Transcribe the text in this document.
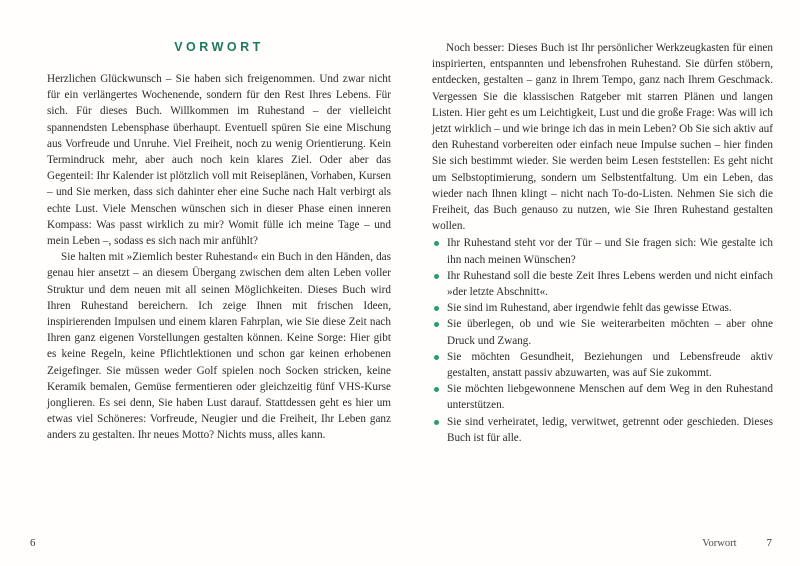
VORWORT

Herzlichen Glückwunsch – Sie haben sich freigenommen. Und zwar nicht für ein verlängertes Wochenende, sondern für den Rest Ihres Lebens. Für sich. Für dieses Buch. Willkommen im Ruhestand – der vielleicht spannendsten Lebensphase überhaupt. Eventuell spüren Sie eine Mischung aus Vorfreude und Unruhe. Viel Freiheit, noch zu wenig Orientierung. Kein Termindruck mehr, aber auch noch kein klares Ziel. Oder aber das Gegenteil: Ihr Kalender ist plötzlich voll mit Reiseplänen, Vorhaben, Kursen – und Sie merken, dass sich dahinter eher eine Suche nach Halt verbirgt als echte Lust. Viele Menschen wünschen sich in dieser Phase einen inneren Kompass: Was passt wirklich zu mir? Womit fülle ich meine Tage – und mein Leben –, sodass es sich nach mir anfühlt?

Sie halten mit »Ziemlich bester Ruhestand« ein Buch in den Händen, das genau hier ansetzt – an diesem Übergang zwischen dem alten Leben voller Struktur und dem neuen mit all seinen Möglichkeiten. Dieses Buch wird Ihren Ruhestand bereichern. Ich zeige Ihnen mit frischen Ideen, inspirierenden Impulsen und einem klaren Fahrplan, wie Sie diese Zeit nach Ihren ganz eigenen Vorstellungen gestalten können. Keine Sorge: Hier gibt es keine Regeln, keine Pflichtlektionen und schon gar keinen erhobenen Zeigefinger. Sie müssen weder Golf spielen noch Socken stricken, keine Keramik bemalen, Gemüse fermentieren oder gleichzeitig fünf VHS-Kurse jonglieren. Es sei denn, Sie haben Lust darauf. Stattdessen geht es hier um etwas viel Schöneres: Vorfreude, Neugier und die Freiheit, Ihr Leben ganz anders zu gestalten. Ihr neues Motto? Nichts muss, alles kann.

6

Noch besser: Dieses Buch ist Ihr persönlicher Werkzeugkasten für einen inspirierten, entspannten und lebensfrohen Ruhestand. Sie dürfen stöbern, entdecken, gestalten – ganz in Ihrem Tempo, ganz nach Ihrem Geschmack. Vergessen Sie die klassischen Ratgeber mit starren Plänen und langen Listen. Hier geht es um Leichtigkeit, Lust und die große Frage: Was will ich jetzt wirklich – und wie bringe ich das in mein Leben? Ob Sie sich aktiv auf den Ruhestand vorbereiten oder einfach neue Impulse suchen – hier finden Sie sich bestimmt wieder. Sie werden beim Lesen feststellen: Es geht nicht um Selbstoptimierung, sondern um Selbstentfaltung. Um ein Leben, das wieder nach Ihnen klingt – nicht nach To-do-Listen. Nehmen Sie sich die Freiheit, das Buch genauso zu nutzen, wie Sie Ihren Ruhestand gestalten wollen.

Ihr Ruhestand steht vor der Tür – und Sie fragen sich: Wie gestalte ich ihn nach meinen Wünschen?
Ihr Ruhestand soll die beste Zeit Ihres Lebens werden und nicht einfach »der letzte Abschnitt«.
Sie sind im Ruhestand, aber irgendwie fehlt das gewisse Etwas.
Sie überlegen, ob und wie Sie weiterarbeiten möchten – aber ohne Druck und Zwang.
Sie möchten Gesundheit, Beziehungen und Lebensfreude aktiv gestalten, anstatt passiv abzuwarten, was auf Sie zukommt.
Sie möchten liebgewonnene Menschen auf dem Weg in den Ruhestand unterstützen.
Sie sind verheiratet, ledig, verwitwet, getrennt oder geschieden. Dieses Buch ist für alle.
Vorwort	7
